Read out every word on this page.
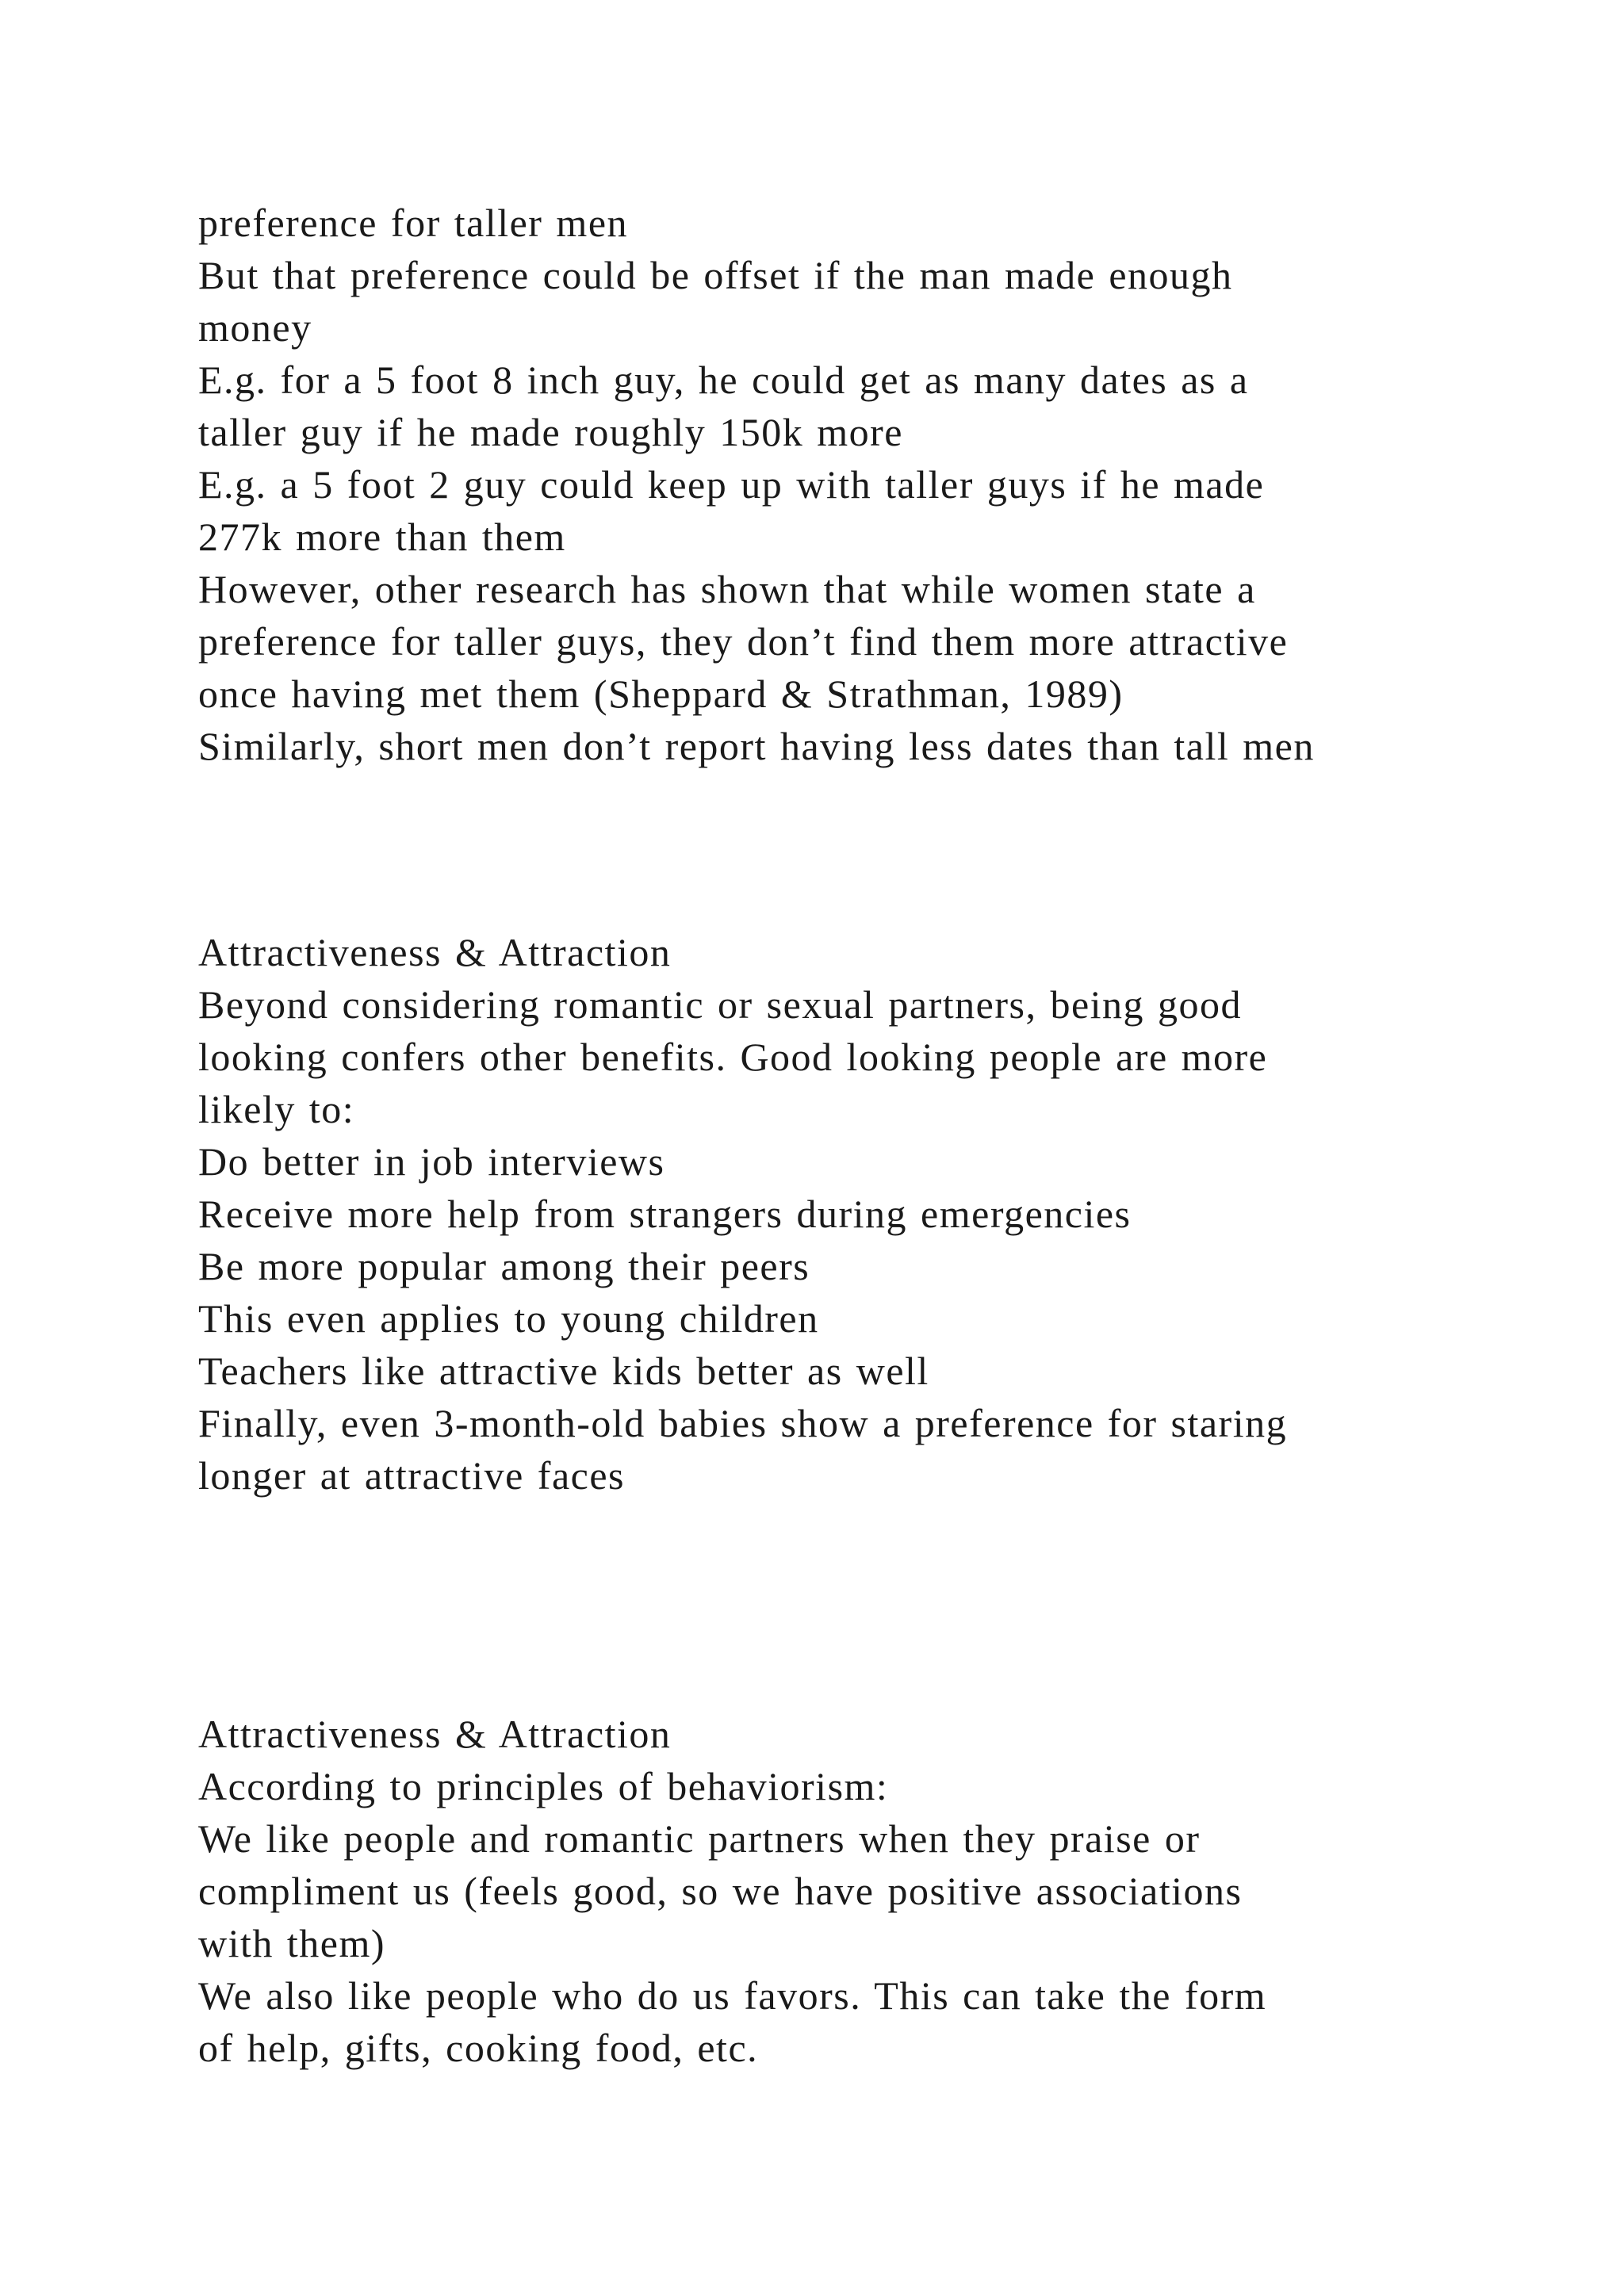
preference for taller men
But that preference could be offset if the man made enough
money
E.g. for a 5 foot 8 inch guy, he could get as many dates as a
taller guy if he made roughly 150k more
E.g. a 5 foot 2 guy could keep up with taller guys if he made
277k more than them
However, other research has shown that while women state a
preference for taller guys, they don’t find them more attractive
once having met them (Sheppard & Strathman, 1989)
Similarly, short men don’t report having less dates than tall men
Attractiveness & Attraction
Beyond considering romantic or sexual partners, being good
looking confers other benefits. Good looking people are more
likely to:
Do better in job interviews
Receive more help from strangers during emergencies
Be more popular among their peers
This even applies to young children
Teachers like attractive kids better as well
Finally, even 3-month-old babies show a preference for staring
longer at attractive faces
Attractiveness & Attraction
According to principles of behaviorism:
We like people and romantic partners when they praise or
compliment us (feels good, so we have positive associations
with them)
We also like people who do us favors. This can take the form
of help, gifts, cooking food, etc.
